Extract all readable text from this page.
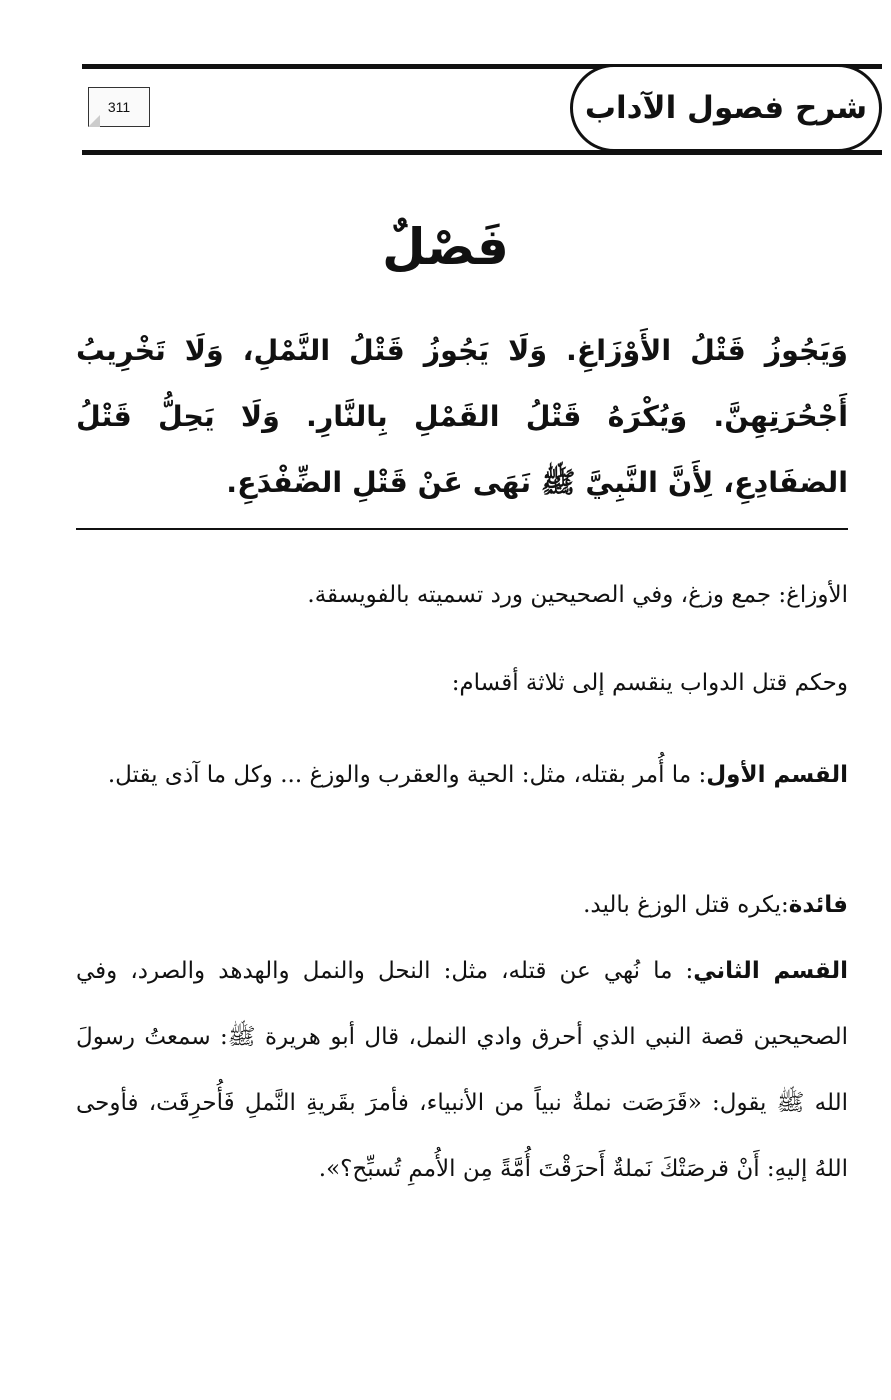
شرح فصول الآداب
311
فَصْلٌ
وَيَجُوزُ قَتْلُ الأَوْزَاغِ. وَلَا يَجُوزُ قَتْلُ النَّمْلِ، وَلَا تَخْرِيبُ أَجْحُرَتِهِنَّ. وَيُكْرَهُ قَتْلُ القَمْلِ بِالنَّارِ. وَلَا يَحِلُّ قَتْلُ الضفَادِعِ، لِأَنَّ النَّبِيَّ ﷺ نَهَى عَنْ قَتْلِ الضِّفْدَعِ.
الأوزاغ: جمع وزغ، وفي الصحيحين ورد تسميته بالفويسقة.
وحكم قتل الدواب ينقسم إلى ثلاثة أقسام:
القسم الأول: ما أُمر بقتله، مثل: الحية والعقرب والوزغ ... وكل ما آذى يقتل.
فائدة:يكره قتل الوزغ باليد.
القسم الثاني: ما نُهي عن قتله، مثل: النحل والنمل والهدهد والصرد، وفي الصحيحين قصة النبي الذي أحرق وادي النمل، قال أبو هريرة ﷺ: سمعتُ رسولَ الله ﷺ يقول: «قَرَصَت نملةٌ نبياً من الأنبياء، فأمرَ بقَريةِ النَّملِ فَأُحرِقَت، فأوحى اللهُ إليهِ: أَنْ قرصَتْكَ نَملةٌ أَحرَقْتَ أُمَّةً مِن الأُممِ تُسبِّح؟».
